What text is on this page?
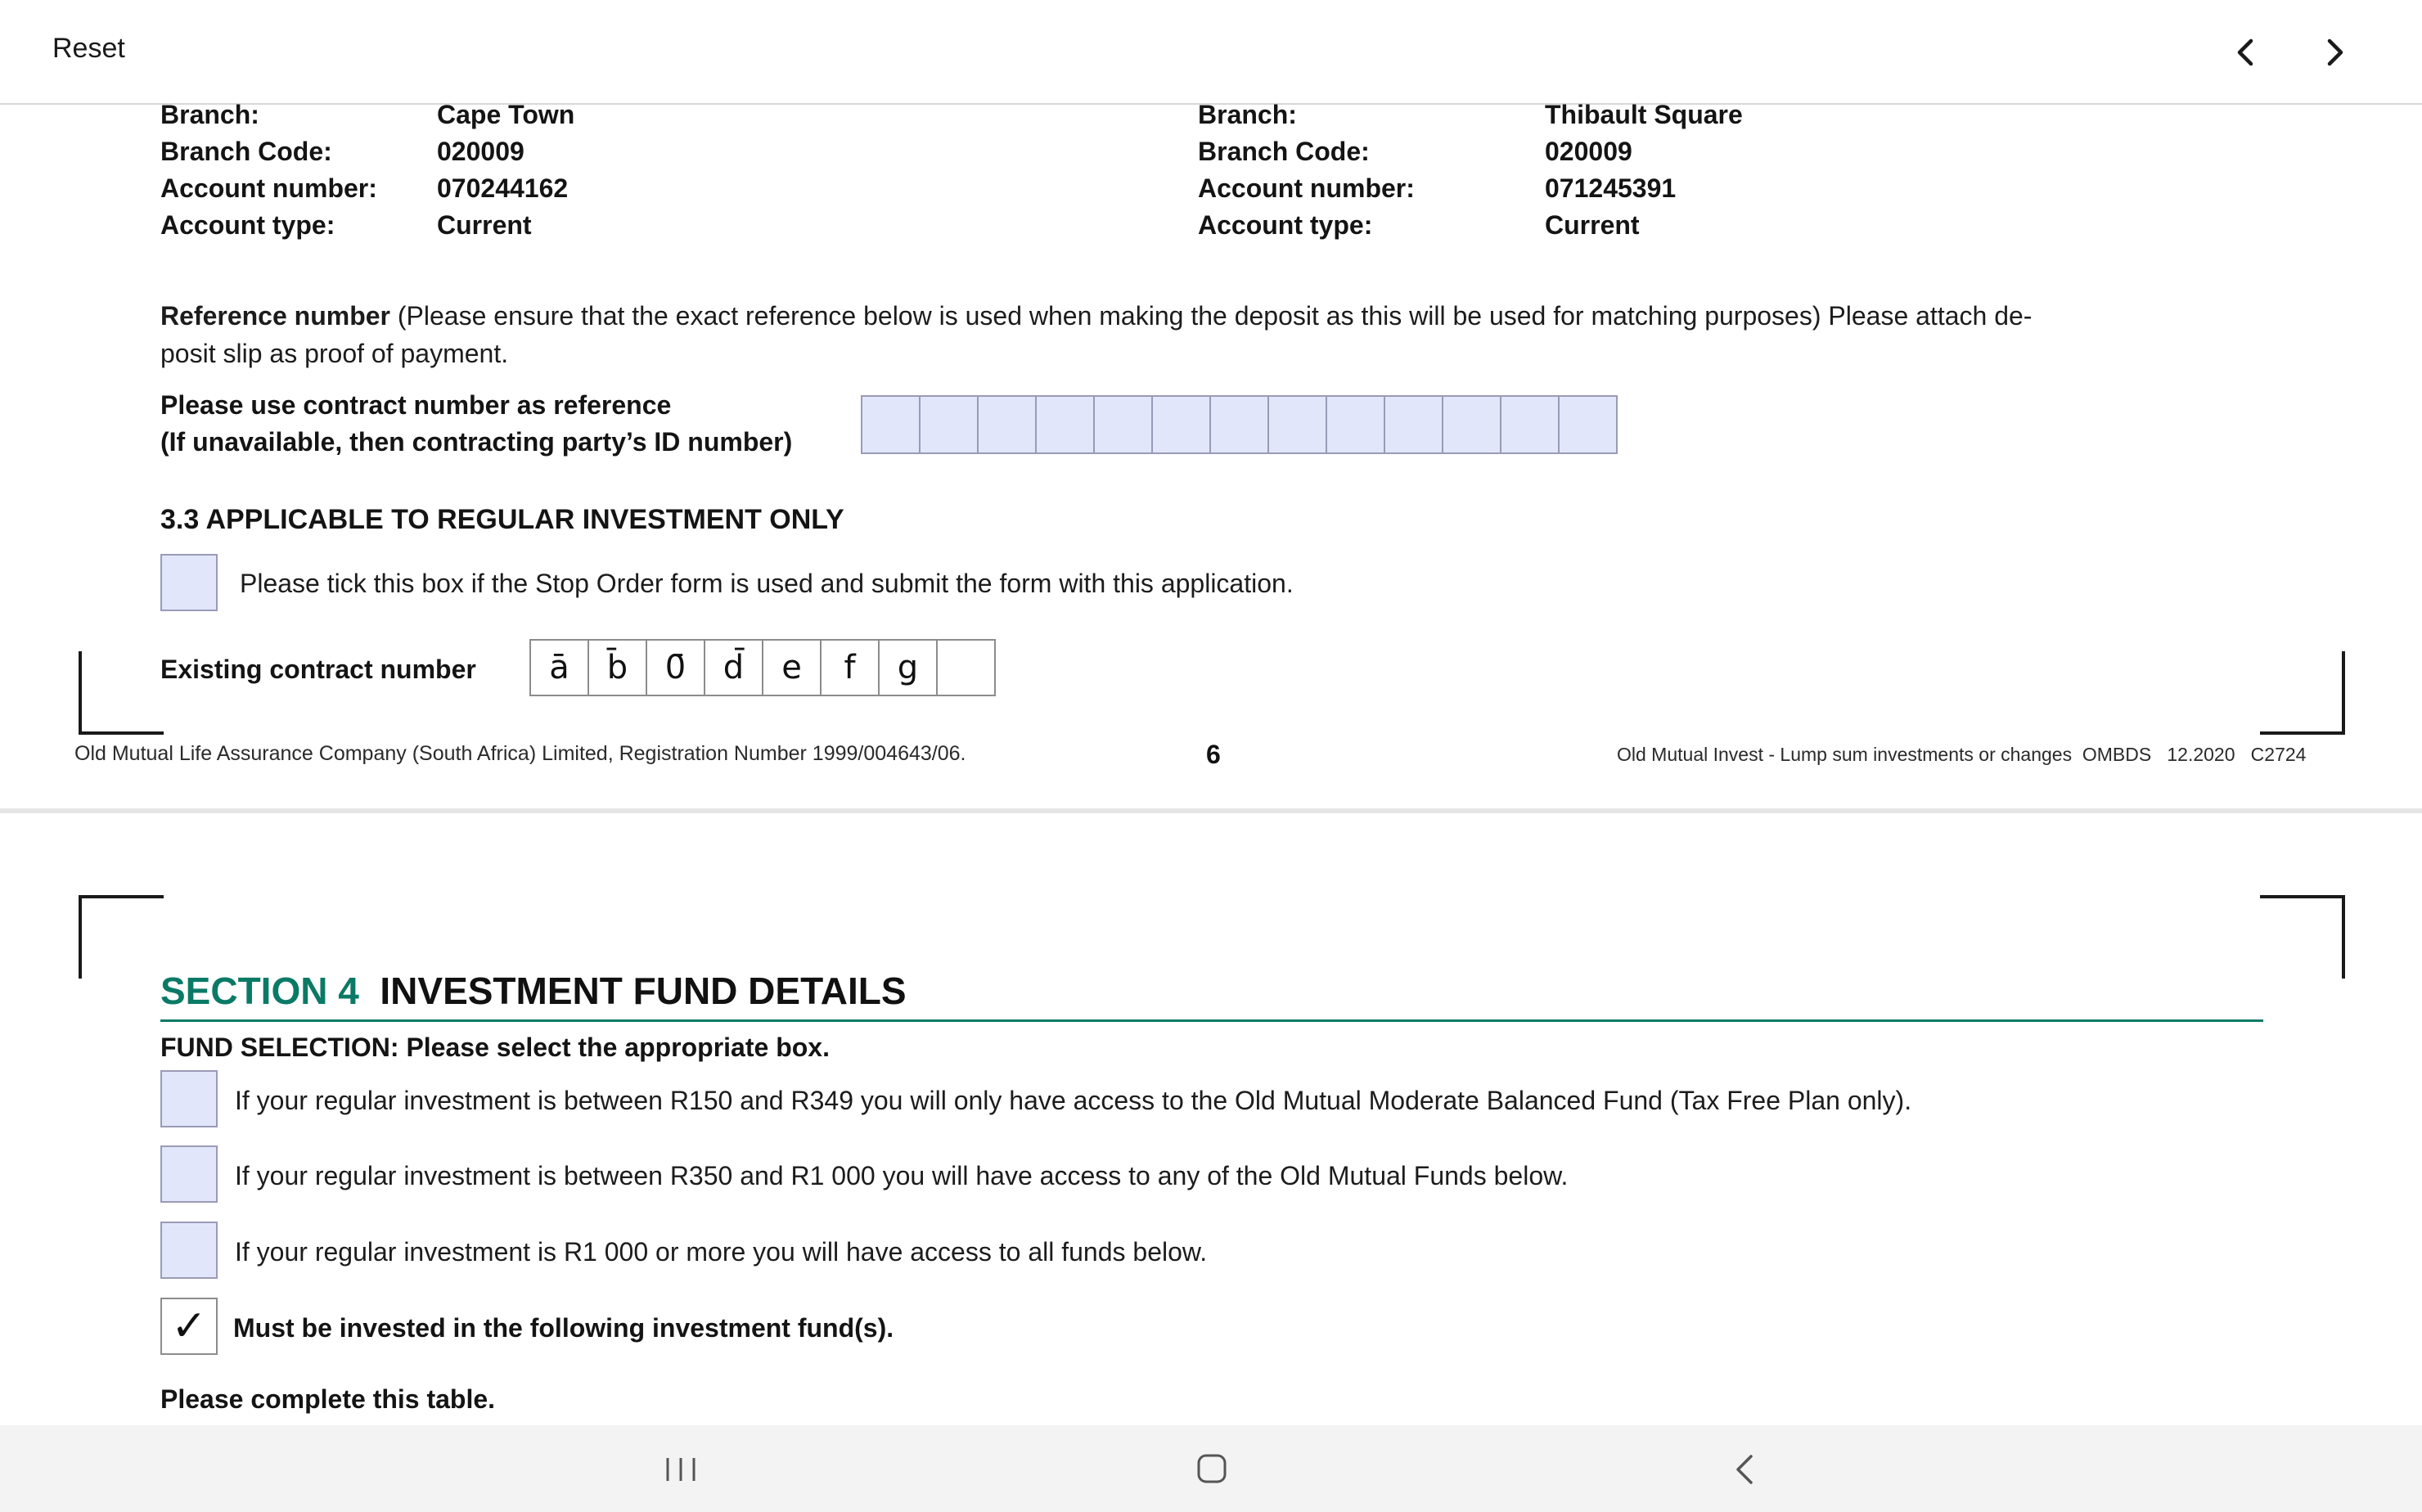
Reset
Branch:	Cape Town
Branch Code:	020009
Account number: 070244162
Account type:	Current
Branch:	Thibault Square
Branch Code:	020009
Account number:	071245391
Account type:	Current
Reference number (Please ensure that the exact reference below is used when making the deposit as this will be used for matching purposes) Please attach de-
posit slip as proof of payment.
Please use contract number as reference
(If unavailable, then contracting party’s ID number)
3.3 APPLICABLE TO REGULAR INVESTMENT ONLY
Please tick this box if the Stop Order form is used and submit the form with this application.
Existing contract number	ā	b̄	0̄	d̄	e	f	g
Old Mutual Life Assurance Company (South Africa) Limited, Registration Number 1999/004643/06.	6	Old Mutual Invest - Lump sum investments or changes  OMBDS   12.2020   C2724
SECTION 4 INVESTMENT FUND DETAILS
FUND SELECTION: Please select the appropriate box.
If your regular investment is between R150 and R349 you will only have access to the Old Mutual Moderate Balanced Fund (Tax Free Plan only).
If your regular investment is between R350 and R1 000 you will have access to any of the Old Mutual Funds below.
If your regular investment is R1 000 or more you will have access to all funds below.
✓ Must be invested in the following investment fund(s).
Please complete this table.
